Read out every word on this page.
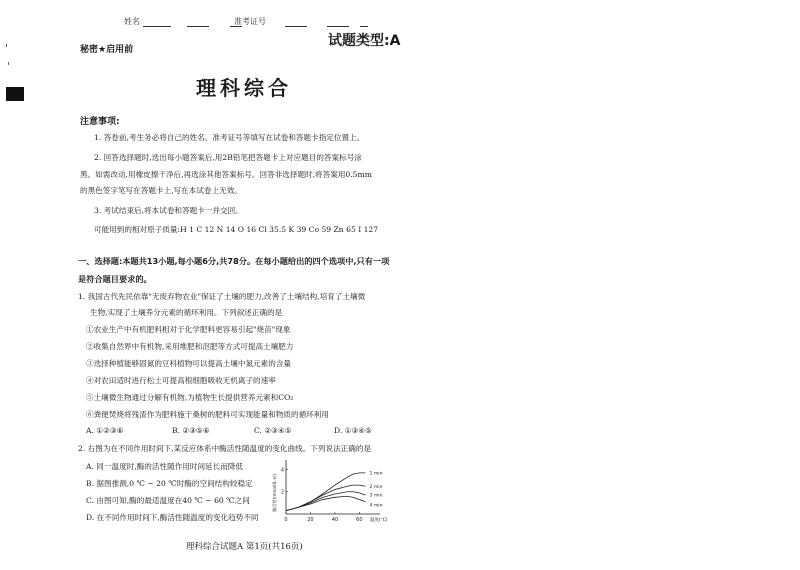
姓名	准考证号
秘密★启用前
试题类型:A
理科综合
注意事项:
1. 答卷前,考生务必将自己的姓名、准考证号等填写在试卷和答题卡指定位置上。
2. 回答选择题时,选出每小题答案后,用2B铅笔把答题卡上对应题目的答案标号涂
黑。如需改动,用橡皮擦干净后,再选涂其他答案标号。回答非选择题时,将答案用0.5mm
的黑色签字笔写在答题卡上,写在本试卷上无效。
3. 考试结束后,将本试卷和答题卡一并交回。
可能用到的相对原子质量:H 1 C 12 N 14 O 16 Cl 35.5 K 39 Co 59 Zn 65 I 127
一、选择题:本题共13小题,每小题6分,共78分。在每小题给出的四个选项中,只有一项
是符合题目要求的。
1. 我国古代先民依靠"无废弃物农业"保证了土壤的肥力,改善了土壤结构,培育了土壤微
生物,实现了土壤养分元素的循环利用。下列叙述正确的是
①农业生产中有机肥料相对于化学肥料更容易引起"烧苗"现象
②收集自然界中有机物,采用堆肥和沤肥等方式可提高土壤肥力
③选择种植能够固氮的豆科植物可以提高土壤中氮元素的含量
④对农田适时进行松土可提高根细胞吸收无机离子的速率
⑤土壤微生物通过分解有机物,为植物生长提供营养元素和CO₂
⑥粪便焚烧将残渣作为肥料施于桑树的肥料可实现能量和物质的循环利用
A. ①②③⑥	B. ②③⑤⑥	C. ②③④⑤	D. ①③④⑤
2. 右图为在不同作用时间下,某反应体系中酶活性随温度的变化曲线。下列说法正确的是
A. 同一温度时,酶的活性随作用时间延长而降低
B. 据图推测,0 ℃ ~ 20 ℃时酶的空间结构较稳定
C. 由图可知,酶的最适温度在40 ℃ ~ 60 ℃之间
D. 在不同作用时间下,酶活性随温度的变化趋势不同	0	20	40	60
2
4
温度(℃)
酶活性(mmol/(L·s))	1 min
2 min
3 min
4 min
理科综合试题A 第1页(共16页)
